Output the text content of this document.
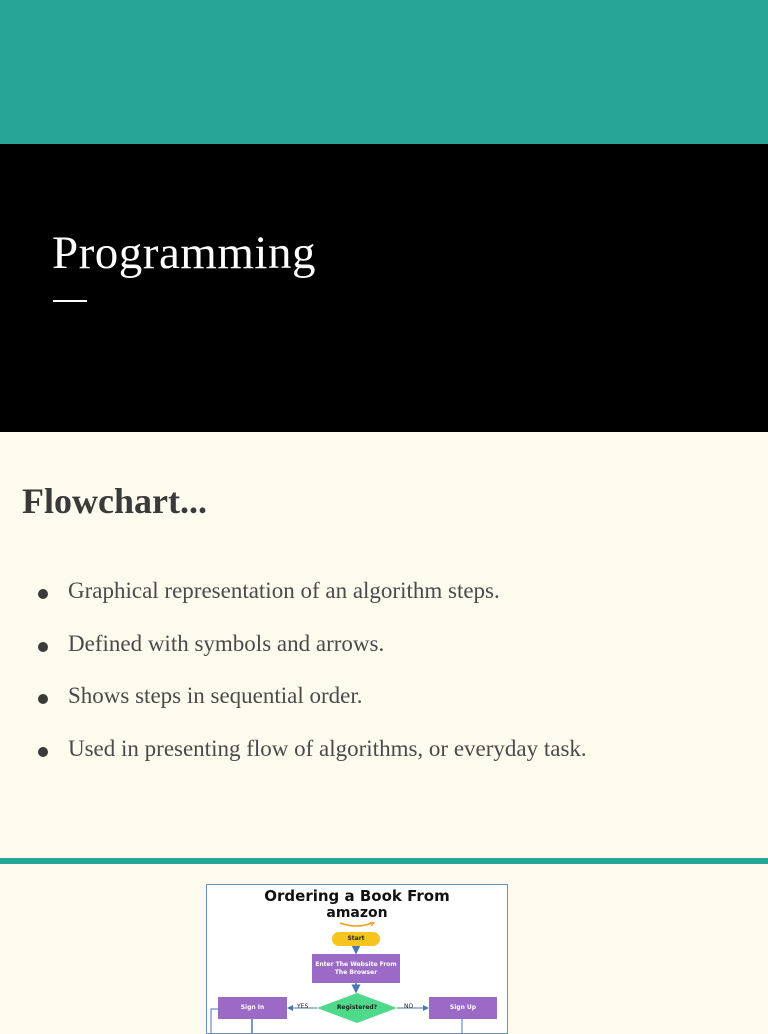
Programming
Flowchart...
Graphical representation of an algorithm steps.
Defined with symbols and arrows.
Shows steps in sequential order.
Used in presenting flow of algorithms, or everyday task.
Ordering a Book From
amazon
Start
Enter The Website From The Browser
Registered?
YES	NO
Sign In	Sign Up
